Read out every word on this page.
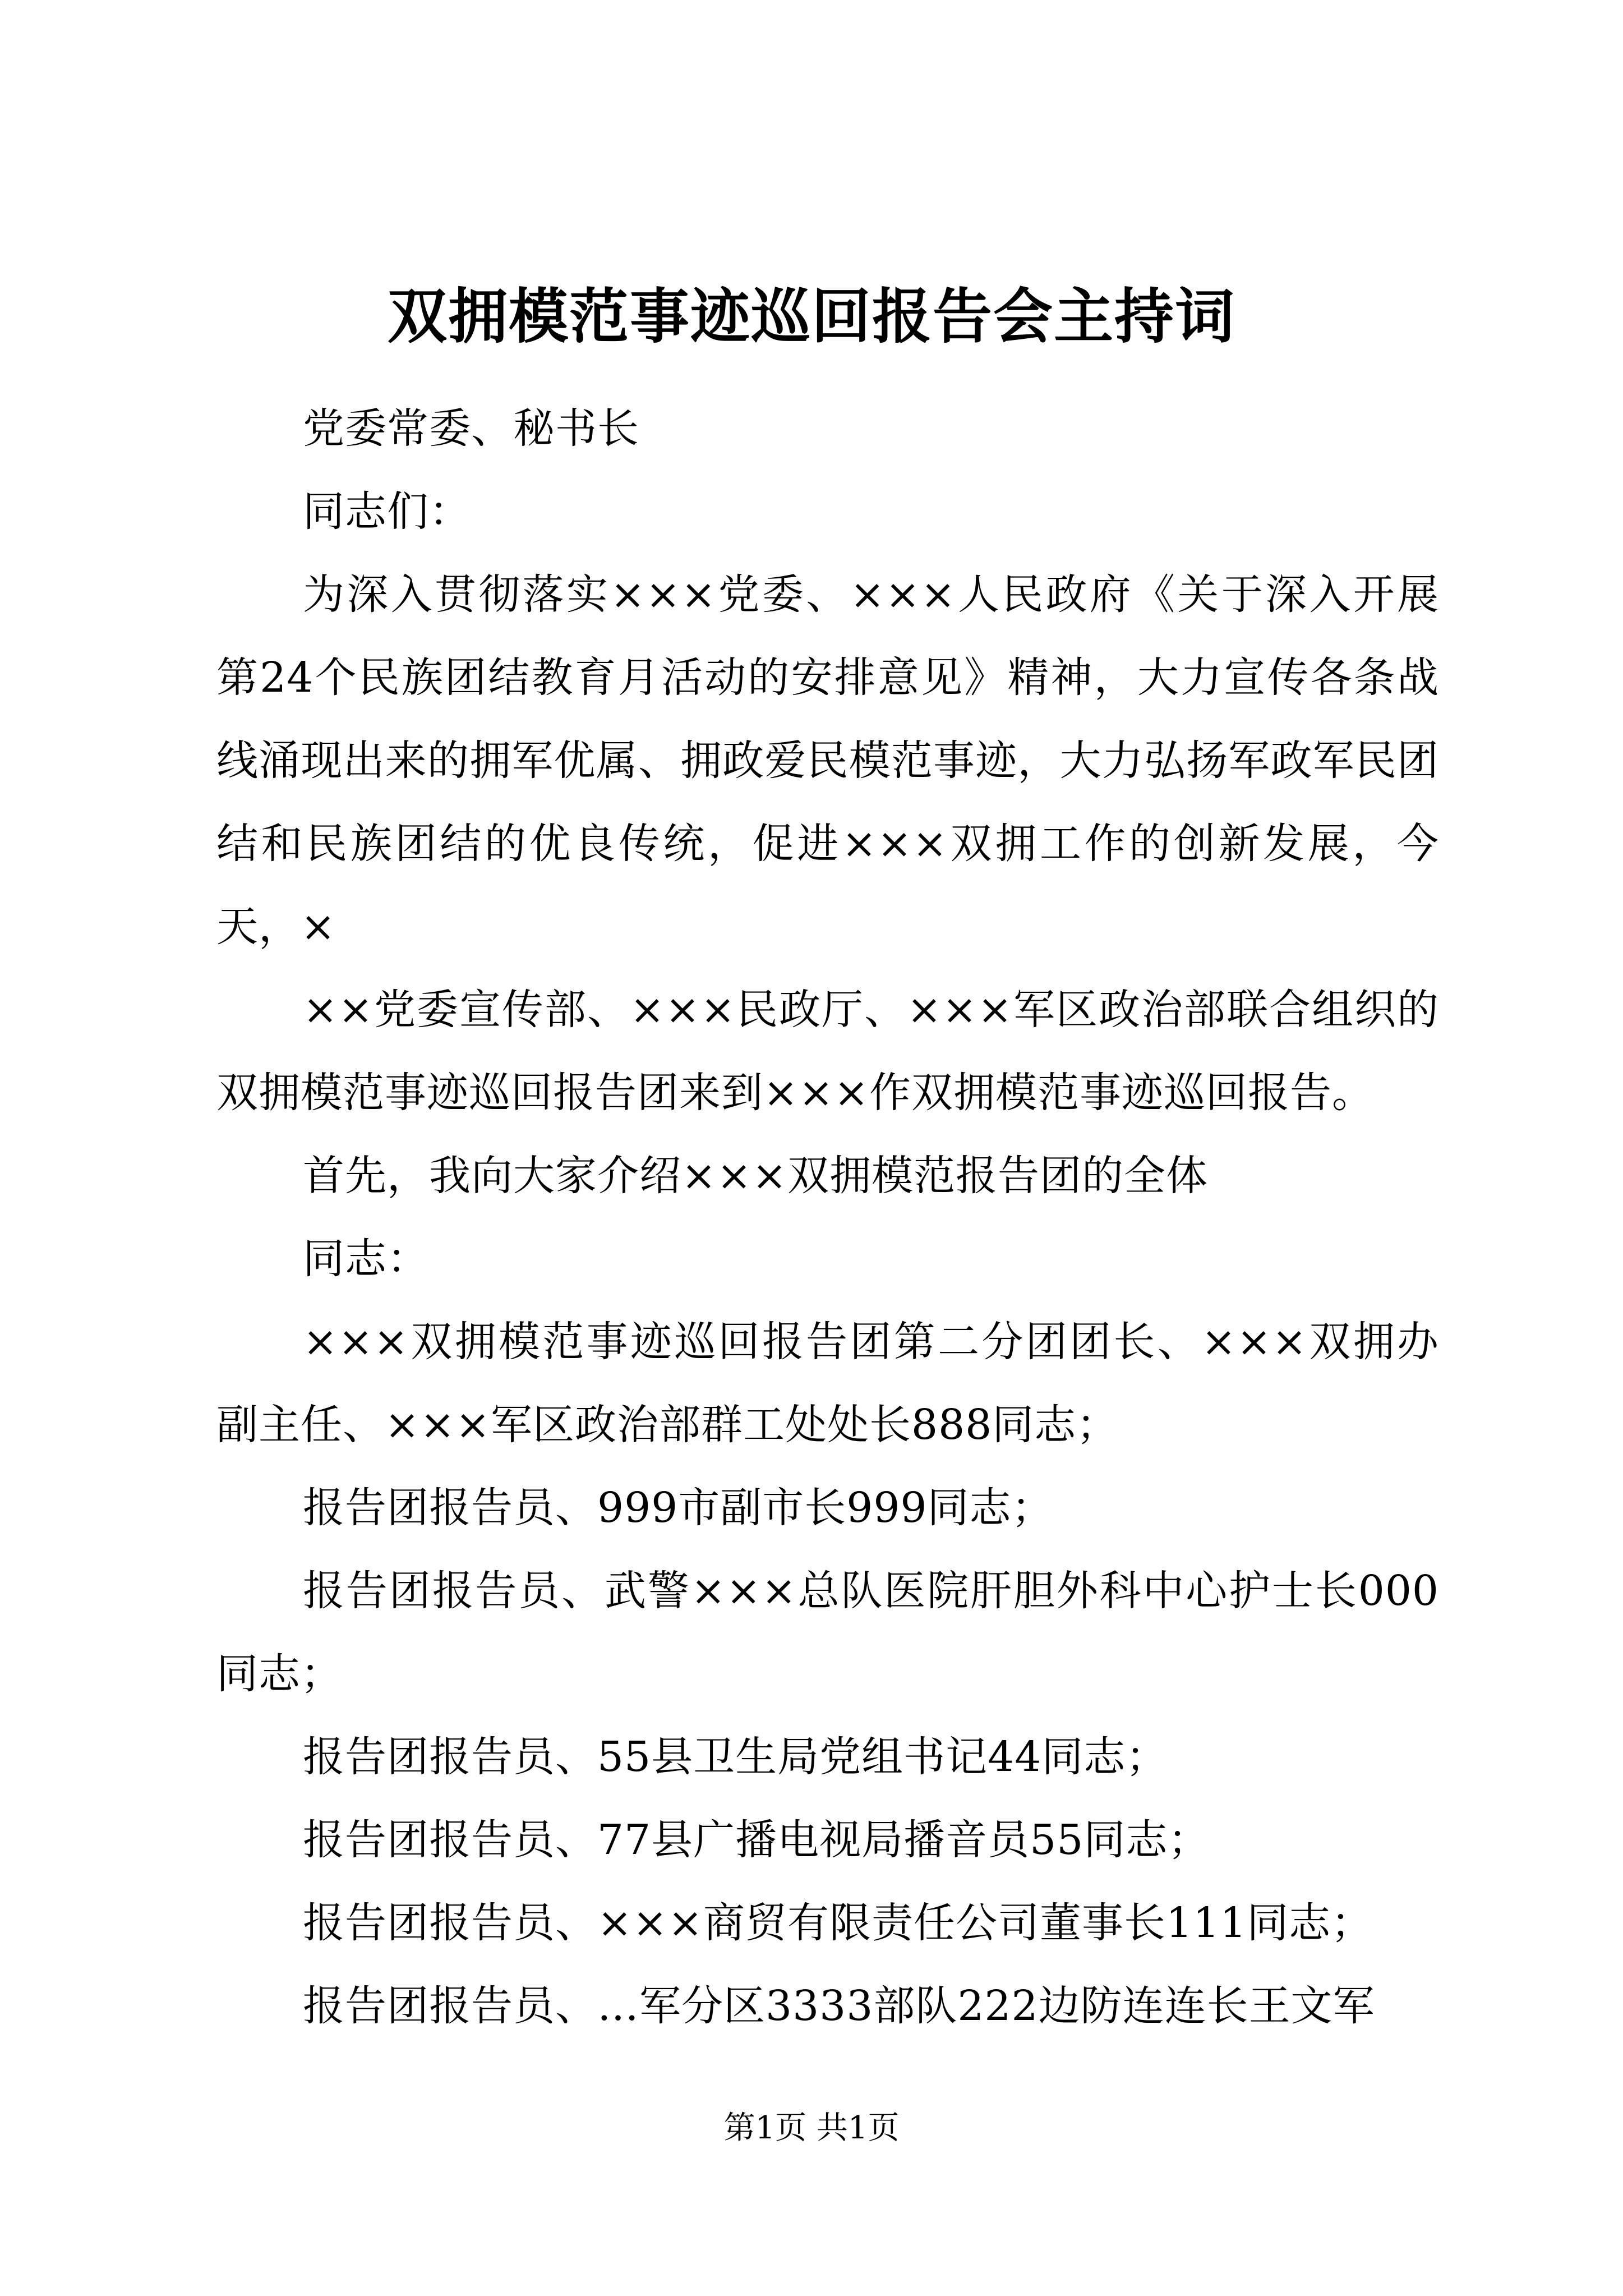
双拥模范事迹巡回报告会主持词

党委常委、秘书长

同志们：

为深入贯彻落实×××党委、×××人民政府《关于深入开展第24个民族团结教育月活动的安排意见》精神，大力宣传各条战线涌现出来的拥军优属、拥政爱民模范事迹，大力弘扬军政军民团结和民族团结的优良传统，促进×××双拥工作的创新发展，今天，×

××党委宣传部、×××民政厅、×××军区政治部联合组织的双拥模范事迹巡回报告团来到×××作双拥模范事迹巡回报告。

首先，我向大家介绍×××双拥模范报告团的全体

同志：

×××双拥模范事迹巡回报告团第二分团团长、×××双拥办副主任、×××军区政治部群工处处长888同志；

报告团报告员、999市副市长999同志；

报告团报告员、武警×××总队医院肝胆外科中心护士长000同志；

报告团报告员、55县卫生局党组书记44同志；

报告团报告员、77县广播电视局播音员55同志；

报告团报告员、×××商贸有限责任公司董事长111同志；

报告团报告员、…军分区3333部队222边防连连长王文军

第1页 共1页
